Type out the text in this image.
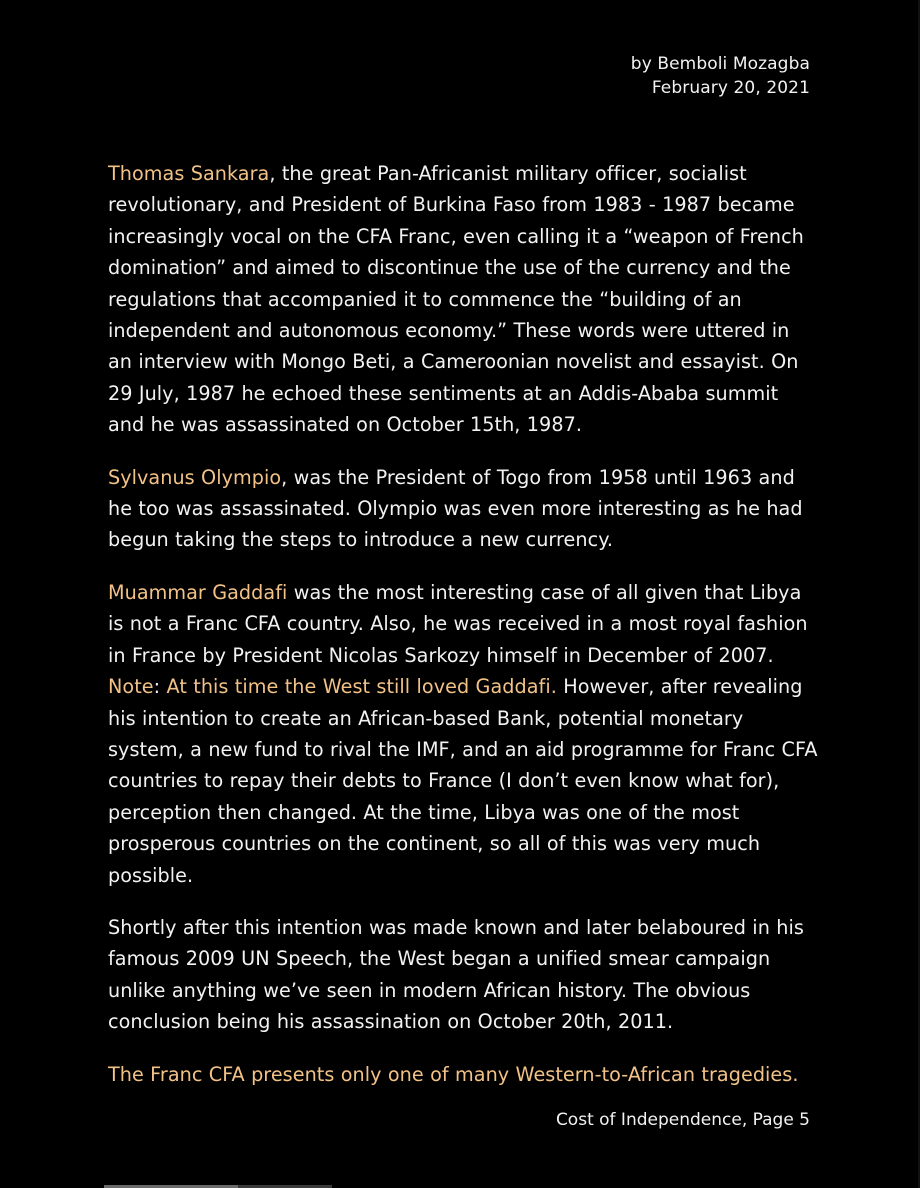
by Bemboli Mozagba
February 20, 2021

Thomas Sankara, the great Pan-Africanist military officer, socialist revolutionary, and President of Burkina Faso from 1983 - 1987 became increasingly vocal on the CFA Franc, even calling it a “weapon of French domination” and aimed to discontinue the use of the currency and the regulations that accompanied it to commence the “building of an independent and autonomous economy.” These words were uttered in an interview with Mongo Beti, a Cameroonian novelist and essayist. On 29 July, 1987 he echoed these sentiments at an Addis-Ababa summit and he was assassinated on October 15th, 1987.

Sylvanus Olympio, was the President of Togo from 1958 until 1963 and he too was assassinated. Olympio was even more interesting as he had begun taking the steps to introduce a new currency.

Muammar Gaddafi was the most interesting case of all given that Libya is not a Franc CFA country. Also, he was received in a most royal fashion in France by President Nicolas Sarkozy himself in December of 2007. Note: At this time the West still loved Gaddafi. However, after revealing his intention to create an African-based Bank, potential monetary system, a new fund to rival the IMF, and an aid programme for Franc CFA countries to repay their debts to France (I don’t even know what for), perception then changed. At the time, Libya was one of the most prosperous countries on the continent, so all of this was very much possible.

Shortly after this intention was made known and later belaboured in his famous 2009 UN Speech, the West began a unified smear campaign unlike anything we’ve seen in modern African history. The obvious conclusion being his assassination on October 20th, 2011.

The Franc CFA presents only one of many Western-to-African tragedies.

Cost of Independence, Page 5
